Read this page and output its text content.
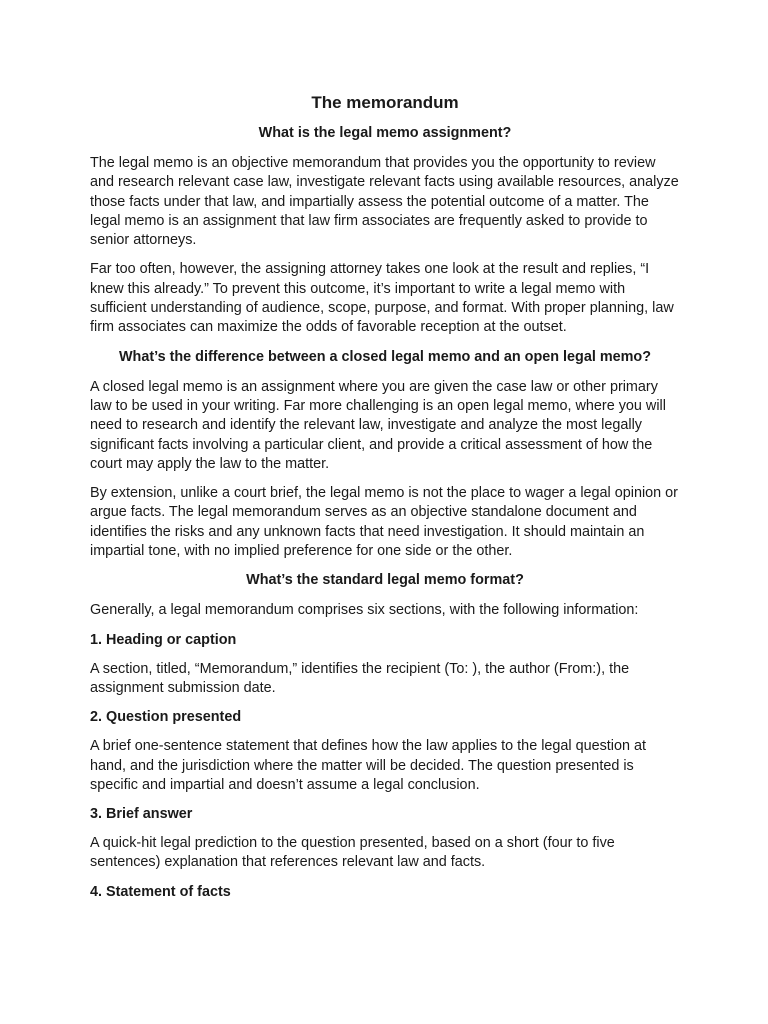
The memorandum
What is the legal memo assignment?

The legal memo is an objective memorandum that provides you the opportunity to review and research relevant case law, investigate relevant facts using available resources, analyze those facts under that law, and impartially assess the potential outcome of a matter. The legal memo is an assignment that law firm associates are frequently asked to provide to senior attorneys.

Far too often, however, the assigning attorney takes one look at the result and replies, “I knew this already.” To prevent this outcome, it’s important to write a legal memo with sufficient understanding of audience, scope, purpose, and format. With proper planning, law firm associates can maximize the odds of favorable reception at the outset.

What’s the difference between a closed legal memo and an open legal memo?

A closed legal memo is an assignment where you are given the case law or other primary law to be used in your writing. Far more challenging is an open legal memo, where you will need to research and identify the relevant law, investigate and analyze the most legally significant facts involving a particular client, and provide a critical assessment of how the court may apply the law to the matter.

By extension, unlike a court brief, the legal memo is not the place to wager a legal opinion or argue facts. The legal memorandum serves as an objective standalone document and identifies the risks and any unknown facts that need investigation. It should maintain an impartial tone, with no implied preference for one side or the other.

What’s the standard legal memo format?

Generally, a legal memorandum comprises six sections, with the following information:

1. Heading or caption

A section, titled, “Memorandum,” identifies the recipient (To: ), the author (From:), the assignment submission date.

2. Question presented

A brief one-sentence statement that defines how the law applies to the legal question at hand, and the jurisdiction where the matter will be decided. The question presented is specific and impartial and doesn’t assume a legal conclusion.

3. Brief answer

A quick-hit legal prediction to the question presented, based on a short (four to five sentences) explanation that references relevant law and facts.

4. Statement of facts
